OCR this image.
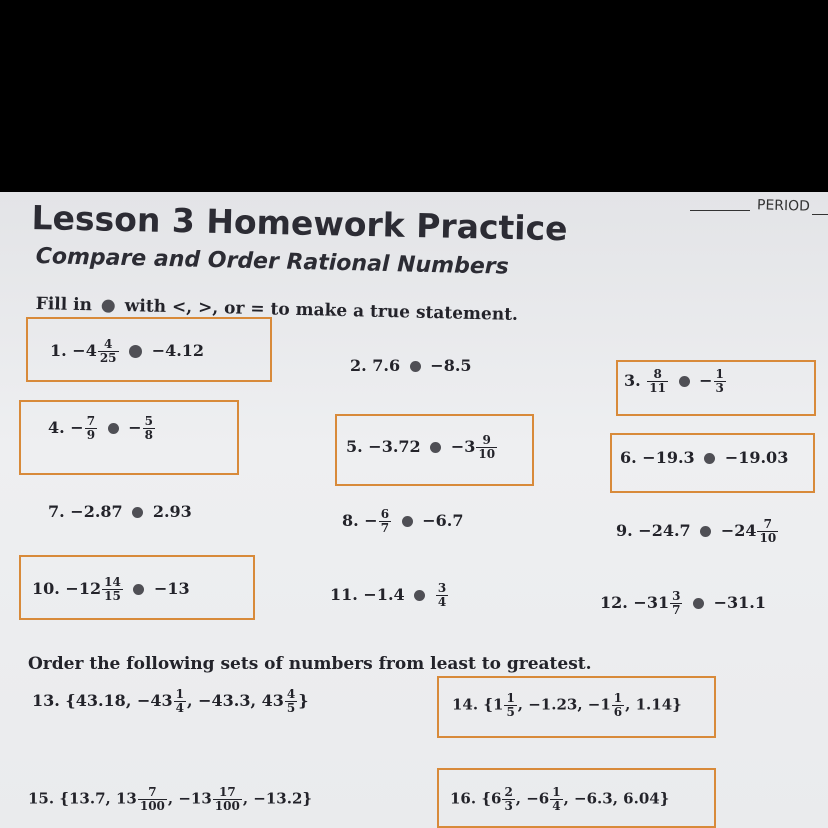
Lesson 3 Homework Practice	PERIOD
Compare and Order Rational Numbers
Fill in with <, >, or = to make a true statement.
1. $-4 \frac{4}{25} -4.12$
2. 7.6 −8.5
3. $\frac{8}{11} - \frac{1}{3}$
4. − $\frac{7}{9} - \frac{5}{8}$
5. $-3.72 -3 \frac{9}{10}$	6. −19.3 −19.03
7. −2.87 2.93	8. − $\frac{6}{7} -6.7$
9. $-24.7 -24 \frac{7}{10}$
10. $-12 \frac{14}{15} -13$	11. −1.4	$\frac{3}{4}$	12. $-31 \frac{3}{7} -31.1$
Order the following sets of numbers from least to greatest.
13. {43.18, $-43 \frac{1}{4}$ , −43.3, $43 \frac{4}{5}$ }	14. {$1 \frac{1}{5}$ , −1.23, $-1 \frac{1}{6}$ , 1.14}
15. {13.7, $13 \frac{7}{100}$ , $-13 \frac{17}{100}$ , −13.2}	16. {$6 \frac{2}{3}$ , $-6 \frac{1}{4}$ , −6.3, 6.04}
